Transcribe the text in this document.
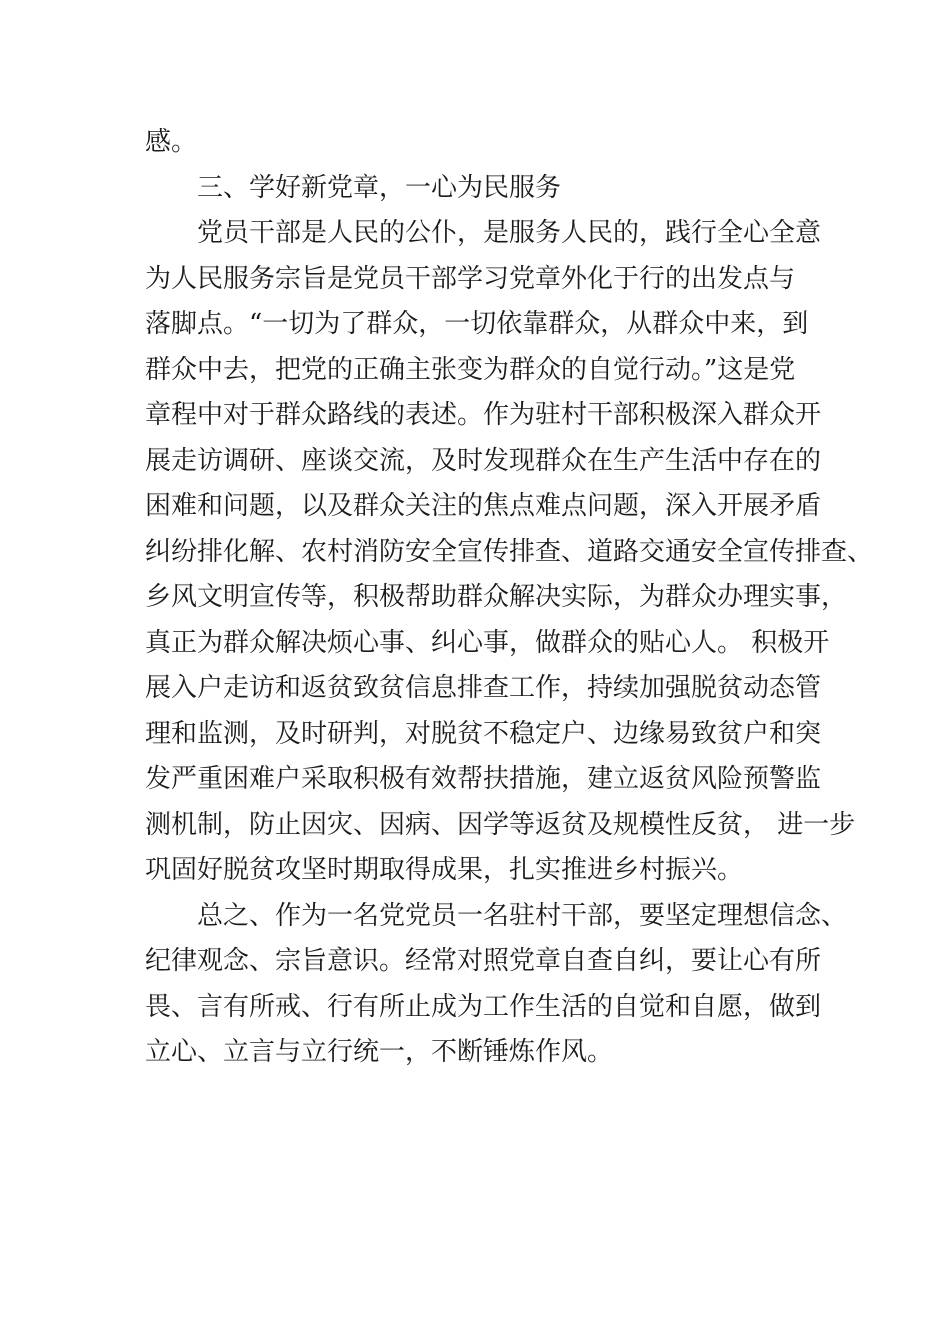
感。
三、学好新党章，一心为民服务
党员干部是人民的公仆，是服务人民的，践行全心全意
为人民服务宗旨是党员干部学习党章外化于行的出发点与
落脚点。“一切为了群众，一切依靠群众，从群众中来，到
群众中去，把党的正确主张变为群众的自觉行动。”这是党
章程中对于群众路线的表述。作为驻村干部积极深入群众开
展走访调研、座谈交流，及时发现群众在生产生活中存在的
困难和问题，以及群众关注的焦点难点问题，深入开展矛盾
纠纷排化解、农村消防安全宣传排查、道路交通安全宣传排查、
乡风文明宣传等，积极帮助群众解决实际，为群众办理实事，
真正为群众解决烦心事、纠心事，做群众的贴心人。 积极开
展入户走访和返贫致贫信息排查工作，持续加强脱贫动态管
理和监测，及时研判，对脱贫不稳定户、边缘易致贫户和突
发严重困难户采取积极有效帮扶措施，建立返贫风险预警监
测机制，防止因灾、因病、因学等返贫及规模性反贫， 进一步
巩固好脱贫攻坚时期取得成果，扎实推进乡村振兴。
总之、作为一名党党员一名驻村干部，要坚定理想信念、
纪律观念、宗旨意识。经常对照党章自查自纠，要让心有所
畏、言有所戒、行有所止成为工作生活的自觉和自愿，做到
立心、立言与立行统一，不断锤炼作风。
